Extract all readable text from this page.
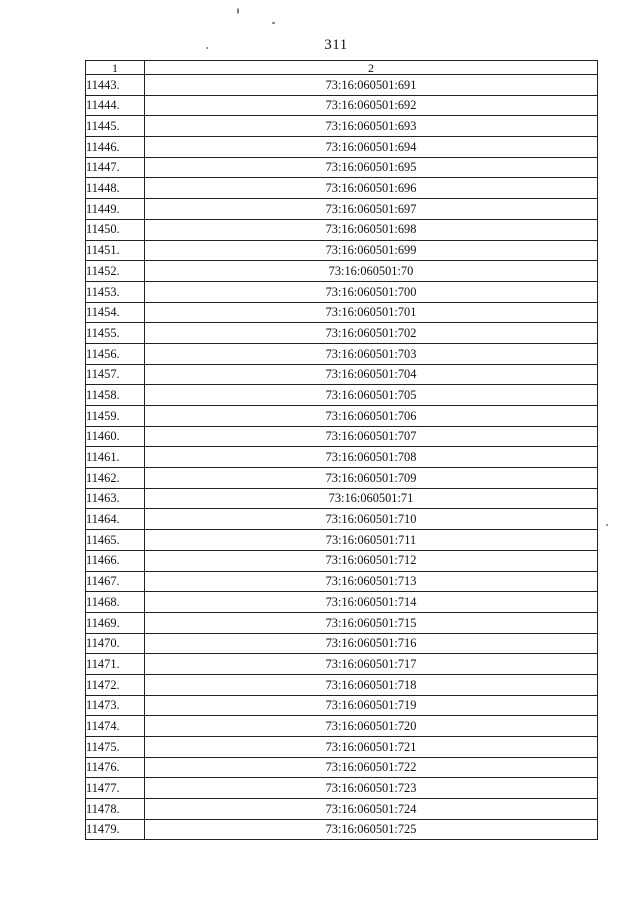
311
1	2
11443.	73:16:060501:691
11444.	73:16:060501:692
11445.	73:16:060501:693
11446.	73:16:060501:694
11447.	73:16:060501:695
11448.	73:16:060501:696
11449.	73:16:060501:697
11450.	73:16:060501:698
11451.	73:16:060501:699
11452.	73:16:060501:70
11453.	73:16:060501:700
11454.	73:16:060501:701
11455.	73:16:060501:702
11456.	73:16:060501:703
11457.	73:16:060501:704
11458.	73:16:060501:705
11459.	73:16:060501:706
11460.	73:16:060501:707
11461.	73:16:060501:708
11462.	73:16:060501:709
11463.	73:16:060501:71
11464.	73:16:060501:710
11465.	73:16:060501:711
11466.	73:16:060501:712
11467.	73:16:060501:713
11468.	73:16:060501:714
11469.	73:16:060501:715
11470.	73:16:060501:716
11471.	73:16:060501:717
11472.	73:16:060501:718
11473.	73:16:060501:719
11474.	73:16:060501:720
11475.	73:16:060501:721
11476.	73:16:060501:722
11477.	73:16:060501:723
11478.	73:16:060501:724
11479.	73:16:060501:725
